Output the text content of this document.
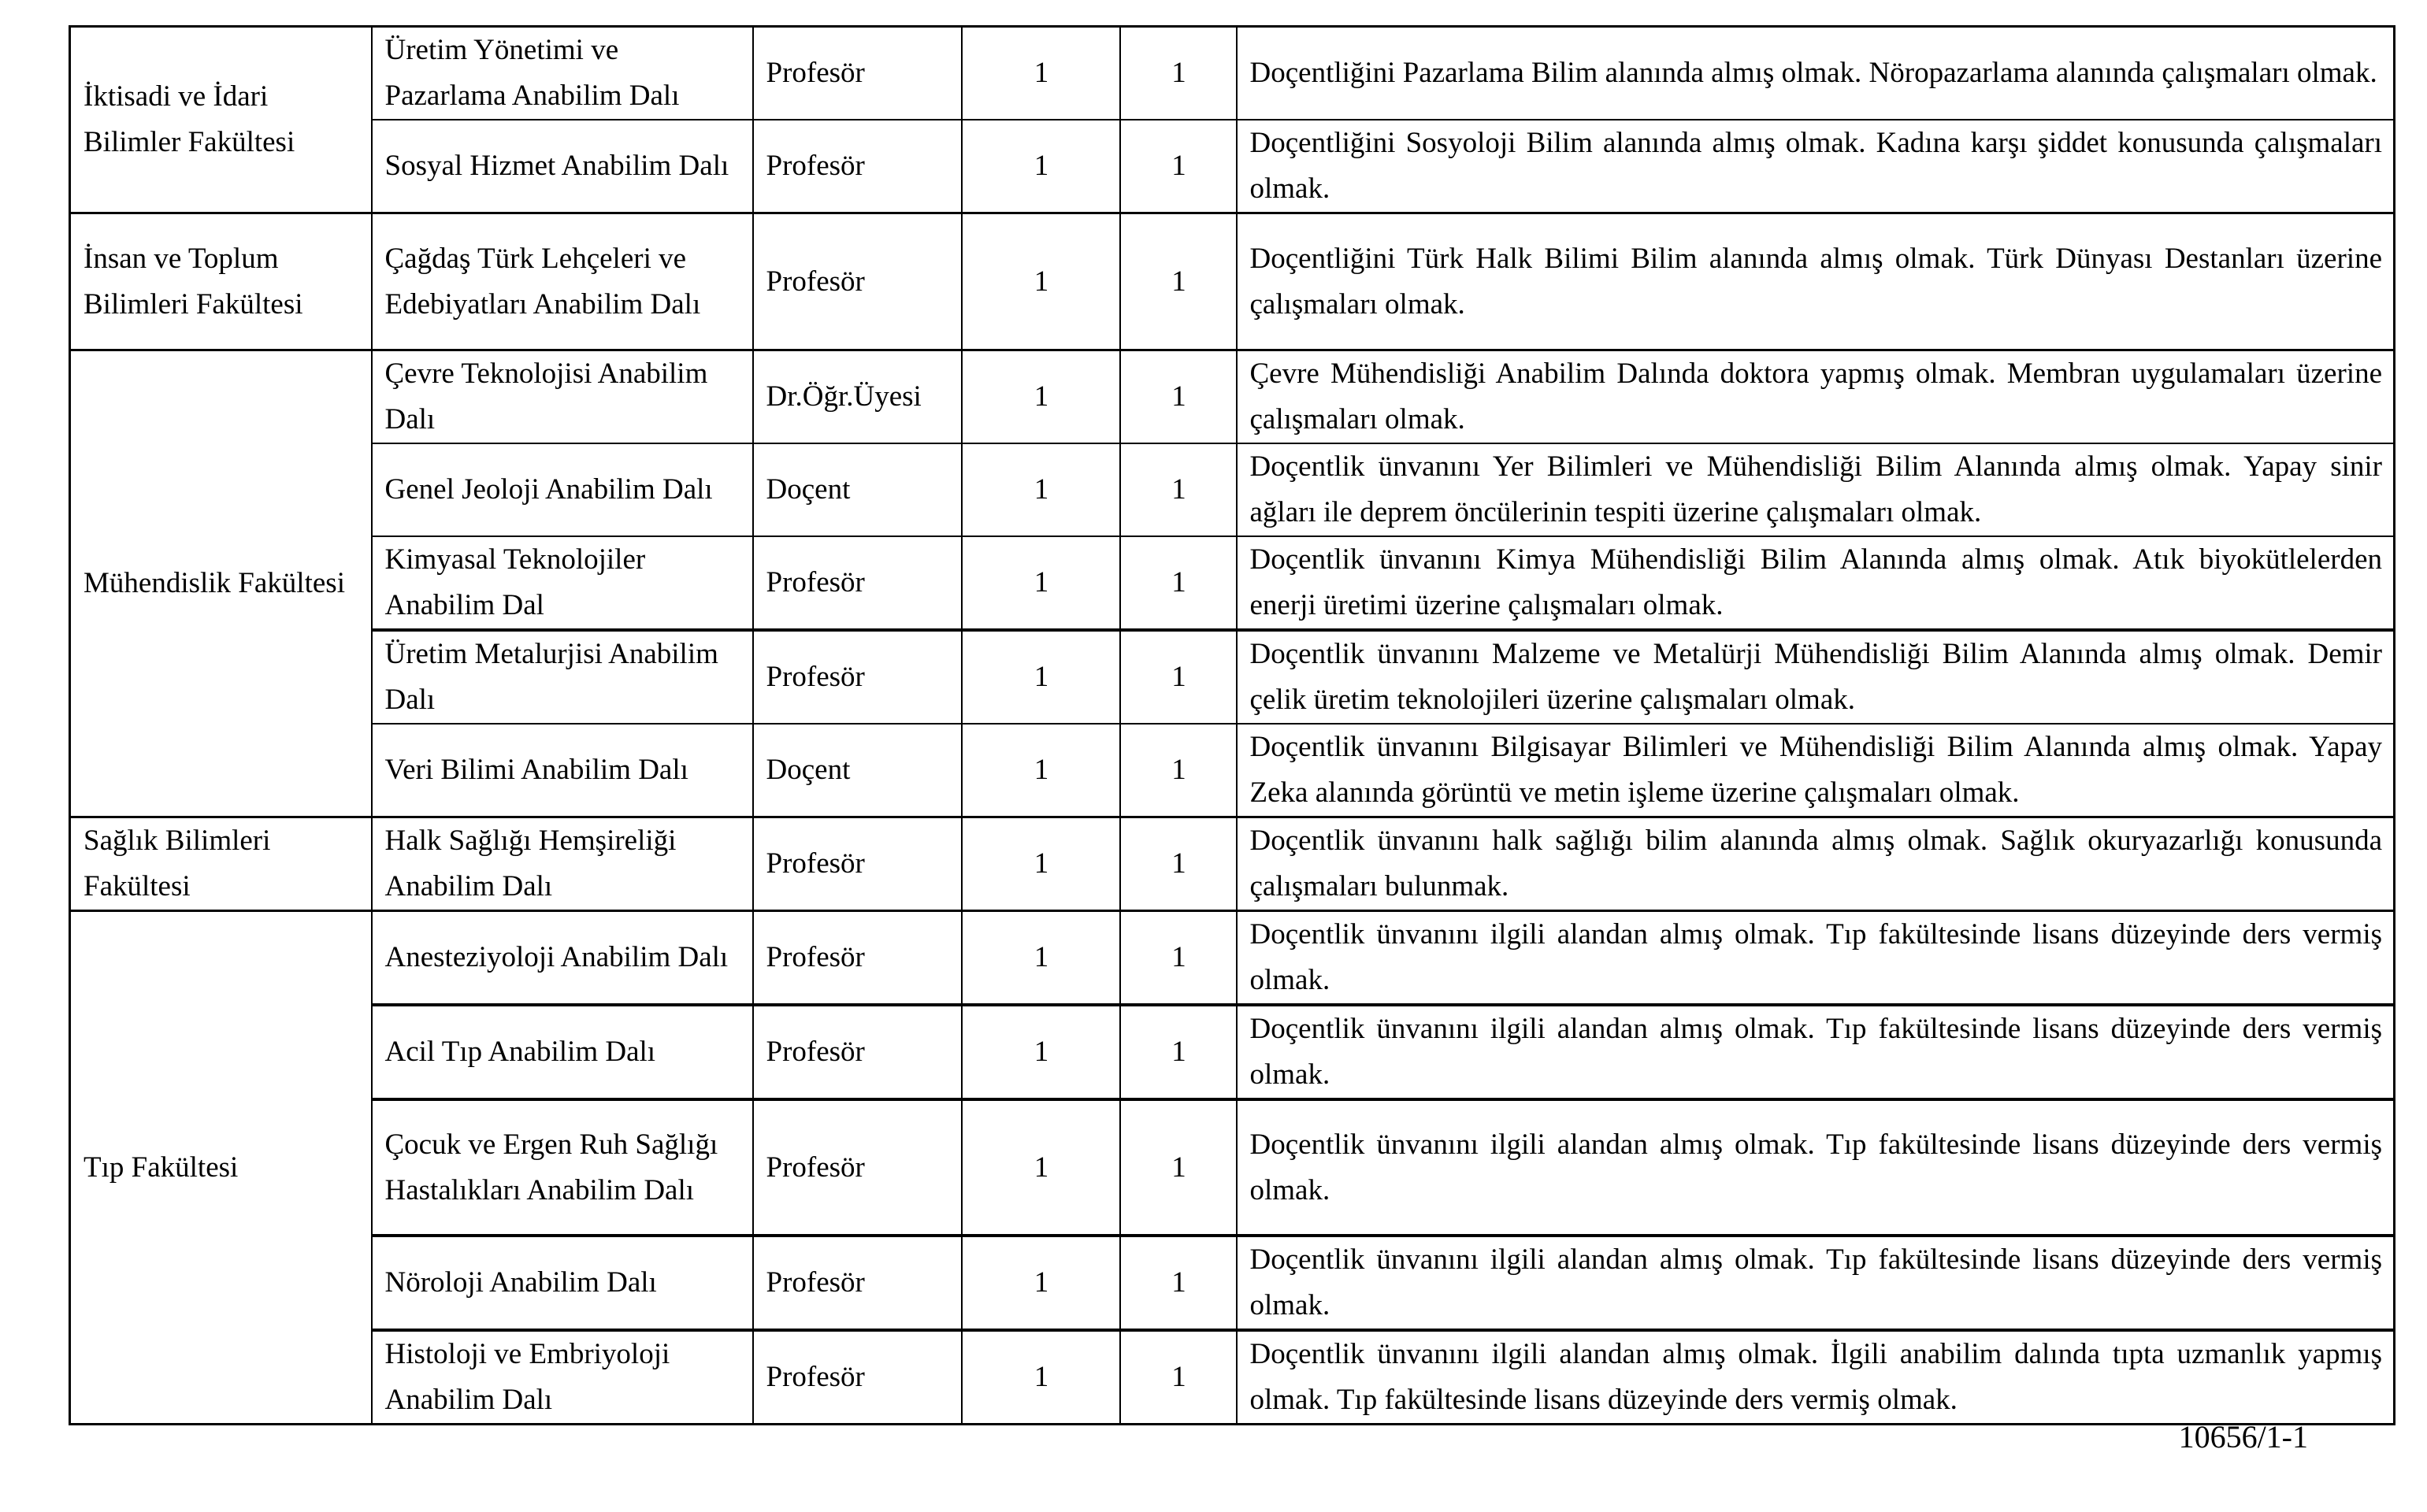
İktisadi ve İdari Bilimler Fakültesi	Üretim Yönetimi ve Pazarlama Anabilim Dalı	Profesör	1	1	Doçentliğini Pazarlama Bilim alanında almış olmak. Nöropazarlama alanında çalışmaları olmak.
	Sosyal Hizmet Anabilim Dalı	Profesör	1	1	Doçentliğini Sosyoloji Bilim alanında almış olmak. Kadına karşı şiddet konusunda çalışmaları olmak.
İnsan ve Toplum Bilimleri Fakültesi	Çağdaş Türk Lehçeleri ve Edebiyatları Anabilim Dalı	Profesör	1	1	Doçentliğini Türk Halk Bilimi Bilim alanında almış olmak. Türk Dünyası Destanları üzerine çalışmaları olmak.
Mühendislik Fakültesi	Çevre Teknolojisi Anabilim Dalı	Dr.Öğr.Üyesi	1	1	Çevre Mühendisliği Anabilim Dalında doktora yapmış olmak. Membran uygulamaları üzerine çalışmaları olmak.
	Genel Jeoloji Anabilim Dalı	Doçent	1	1	Doçentlik ünvanını Yer Bilimleri ve Mühendisliği Bilim Alanında almış olmak. Yapay sinir ağları ile deprem öncülerinin tespiti üzerine çalışmaları olmak.
	Kimyasal Teknolojiler Anabilim Dal	Profesör	1	1	Doçentlik ünvanını Kimya Mühendisliği Bilim Alanında almış olmak. Atık biyokütlelerden enerji üretimi üzerine çalışmaları olmak.
	Üretim Metalurjisi Anabilim Dalı	Profesör	1	1	Doçentlik ünvanını Malzeme ve Metalürji Mühendisliği Bilim Alanında almış olmak. Demir çelik üretim teknolojileri üzerine çalışmaları olmak.
	Veri Bilimi Anabilim Dalı	Doçent	1	1	Doçentlik ünvanını Bilgisayar Bilimleri ve Mühendisliği Bilim Alanında almış olmak. Yapay Zeka alanında görüntü ve metin işleme üzerine çalışmaları olmak.
Sağlık Bilimleri Fakültesi	Halk Sağlığı Hemşireliği Anabilim Dalı	Profesör	1	1	Doçentlik ünvanını halk sağlığı bilim alanında almış olmak. Sağlık okuryazarlığı konusunda çalışmaları bulunmak.
Tıp Fakültesi	Anesteziyoloji Anabilim Dalı	Profesör	1	1	Doçentlik ünvanını ilgili alandan almış olmak. Tıp fakültesinde lisans düzeyinde ders vermiş olmak.
	Acil Tıp Anabilim Dalı	Profesör	1	1	Doçentlik ünvanını ilgili alandan almış olmak. Tıp fakültesinde lisans düzeyinde ders vermiş olmak.
	Çocuk ve Ergen Ruh Sağlığı Hastalıkları Anabilim Dalı	Profesör	1	1	Doçentlik ünvanını ilgili alandan almış olmak. Tıp fakültesinde lisans düzeyinde ders vermiş olmak.
	Nöroloji Anabilim Dalı	Profesör	1	1	Doçentlik ünvanını ilgili alandan almış olmak. Tıp fakültesinde lisans düzeyinde ders vermiş olmak.
	Histoloji ve Embriyoloji Anabilim Dalı	Profesör	1	1	Doçentlik ünvanını ilgili alandan almış olmak. İlgili anabilim dalında tıpta uzmanlık yapmış olmak. Tıp fakültesinde lisans düzeyinde ders vermiş olmak.
10656/1-1
